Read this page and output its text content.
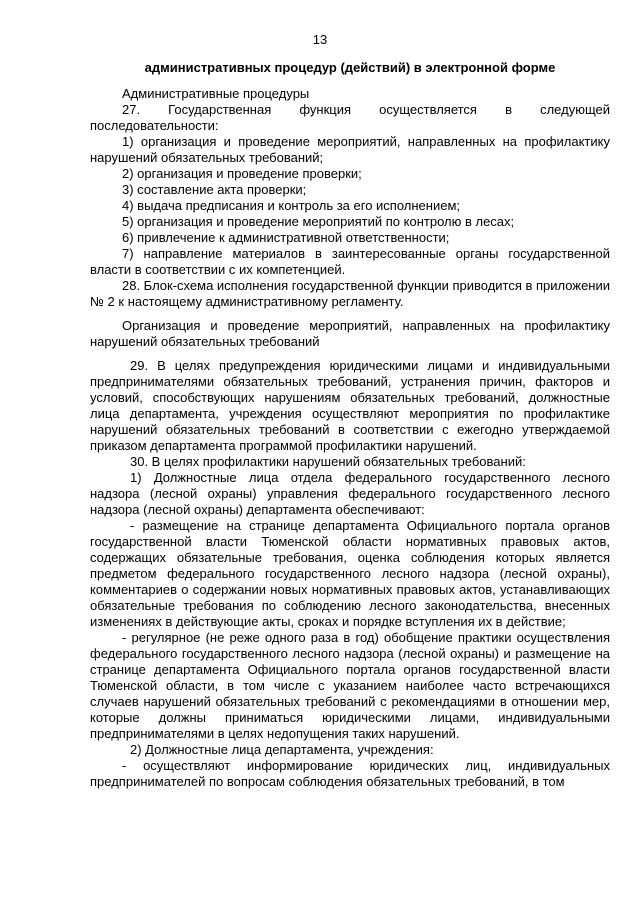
13

административных процедур (действий) в электронной форме

Административные процедуры

27. Государственная функция осуществляется в следующей последовательности:

1) организация и проведение мероприятий, направленных на профилактику нарушений обязательных требований;

2) организация и проведение проверки;

3) составление акта проверки;

4) выдача предписания и контроль за его исполнением;

5) организация и проведение мероприятий по контролю в лесах;

6) привлечение к административной ответственности;

7) направление материалов в заинтересованные органы государственной власти в соответствии с их компетенцией.

28. Блок-схема исполнения государственной функции приводится в приложении № 2 к настоящему административному регламенту.

Организация и проведение мероприятий, направленных на профилактику нарушений обязательных требований

29. В целях предупреждения юридическими лицами и индивидуальными предпринимателями обязательных требований, устранения причин, факторов и условий, способствующих нарушениям обязательных требований, должностные лица департамента, учреждения осуществляют мероприятия по профилактике нарушений обязательных требований в соответствии с ежегодно утверждаемой приказом департамента программой профилактики нарушений.

30. В целях профилактики нарушений обязательных требований:

1) Должностные лица отдела федерального государственного лесного надзора (лесной охраны) управления федерального государственного лесного надзора (лесной охраны) департамента обеспечивают:

- размещение на странице департамента Официального портала органов государственной власти Тюменской области нормативных правовых актов, содержащих обязательные требования, оценка соблюдения которых является предметом федерального государственного лесного надзора (лесной охраны), комментариев о содержании новых нормативных правовых актов, устанавливающих обязательные требования по соблюдению лесного законодательства, внесенных изменениях в действующие акты, сроках и порядке вступления их в действие;

- регулярное (не реже одного раза в год) обобщение практики осуществления федерального государственного лесного надзора (лесной охраны) и размещение на странице департамента Официального портала органов государственной власти Тюменской области, в том числе с указанием наиболее часто встречающихся случаев нарушений обязательных требований с рекомендациями в отношении мер, которые должны приниматься юридическими лицами, индивидуальными предпринимателями в целях недопущения таких нарушений.

2) Должностные лица департамента, учреждения:

- осуществляют информирование юридических лиц, индивидуальных предпринимателей по вопросам соблюдения обязательных требований, в том
